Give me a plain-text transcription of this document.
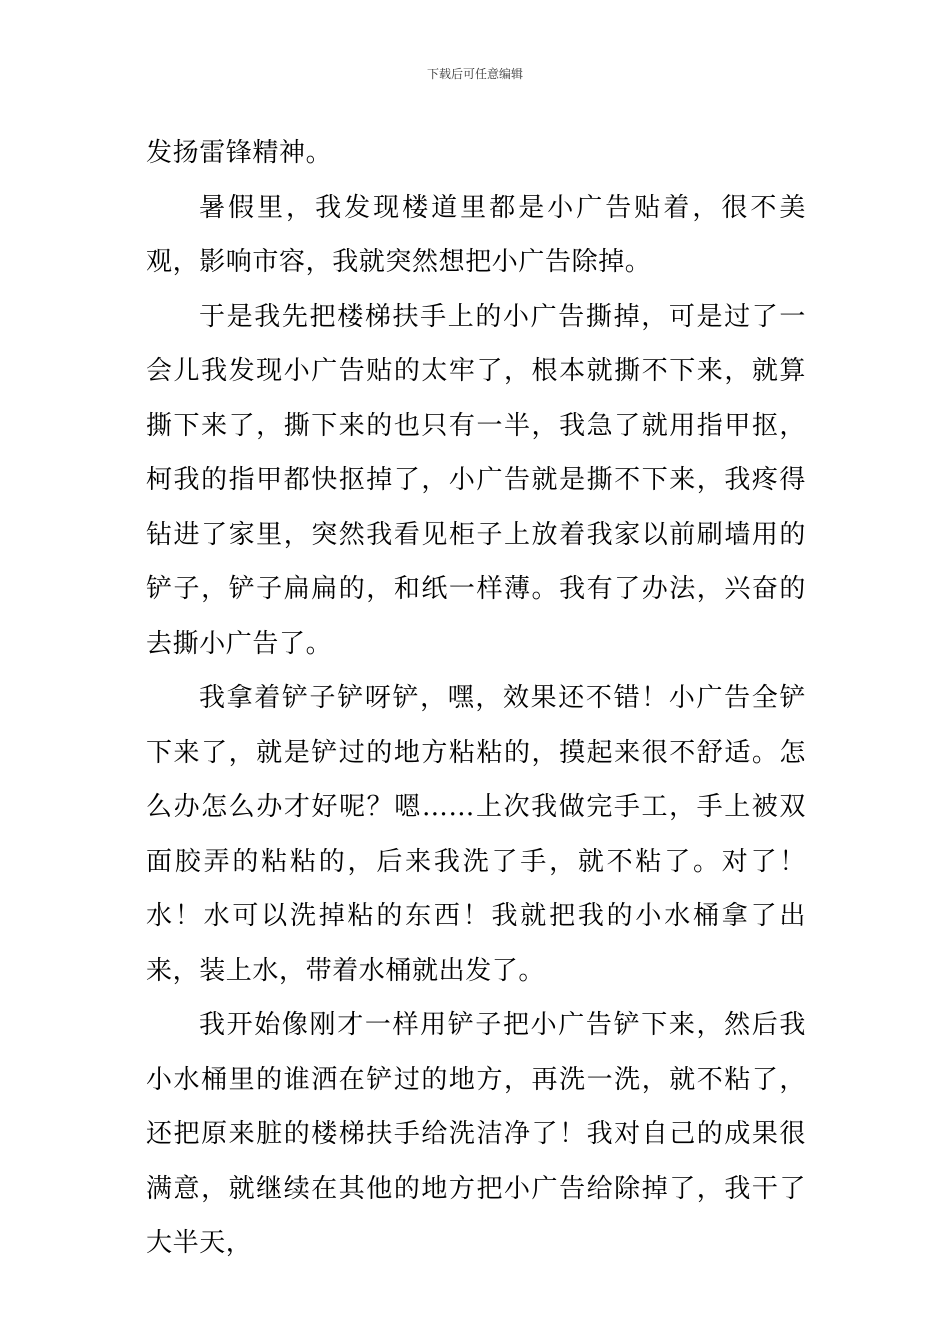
下载后可任意编辑

发扬雷锋精神。

暑假里，我发现楼道里都是小广告贴着，很不美观，影响市容，我就突然想把小广告除掉。

于是我先把楼梯扶手上的小广告撕掉，可是过了一会儿我发现小广告贴的太牢了，根本就撕不下来，就算撕下来了，撕下来的也只有一半，我急了就用指甲抠，柯我的指甲都快抠掉了，小广告就是撕不下来，我疼得钻进了家里，突然我看见柜子上放着我家以前刷墙用的铲子，铲子扁扁的，和纸一样薄。我有了办法，兴奋的去撕小广告了。

我拿着铲子铲呀铲，嘿，效果还不错！小广告全铲下来了，就是铲过的地方粘粘的，摸起来很不舒适。怎么办怎么办才好呢？嗯……上次我做完手工，手上被双面胶弄的粘粘的，后来我洗了手，就不粘了。对了！水！水可以洗掉粘的东西！我就把我的小水桶拿了出来，装上水，带着水桶就出发了。

我开始像刚才一样用铲子把小广告铲下来，然后我小水桶里的谁洒在铲过的地方，再洗一洗，就不粘了，还把原来脏的楼梯扶手给洗洁净了！我对自己的成果很满意，就继续在其他的地方把小广告给除掉了，我干了大半天，
